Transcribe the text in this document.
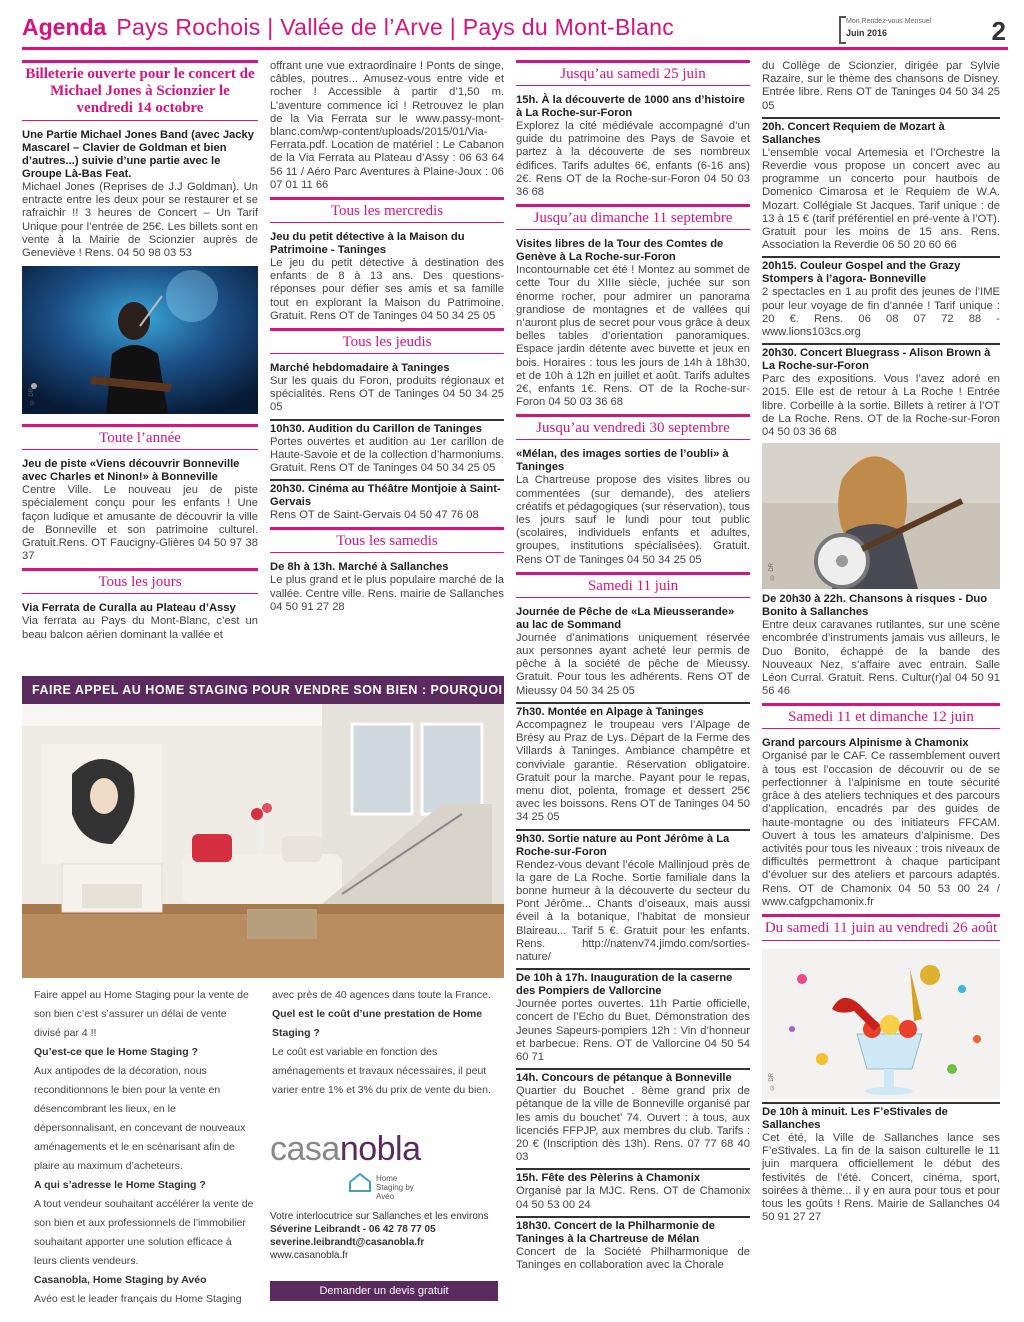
Agenda Pays Rochois | Vallée de l’Arve | Pays du Mont-Blanc	Mon Rendez-vous Mensuel
Juin 2016	2
Billeterie ouverte pour le concert de Michael Jones à Scionzier le vendredi 14 octobre
Une Partie Michael Jones Band (avec Jacky Mascarel – Clavier de Goldman et bien d’autres...) suivie d’une partie avec le Groupe Là-Bas Feat.

Michael Jones (Reprises de J.J Goldman). Un entracte entre les deux pour se restaurer et se rafraichir !! 3 heures de Concert – Un Tarif Unique pour l’entrée de 25€. Les billets sont en vente à la Mairie de Scionzier auprès de Geneviève ! Rens. 04 50 98 03 53

© DR
Toute l’année
Jeu de piste «Viens découvrir Bonneville avec Charles et Ninon!» à Bonneville

Centre Ville. Le nouveau jeu de piste spécialement conçu pour les enfants ! Une façon ludique et amusante de découvrir la ville de Bonneville et son patrimoine culturel. Gratuit.Rens. OT Faucigny-Glières 04 50 97 38 37

Tous les jours
Via Ferrata de Curalla au Plateau d’Assy

Via ferrata au Pays du Mont-Blanc, c’est un beau balcon aérien dominant la vallée et

offrant une vue extraordinaire ! Ponts de singe, câbles, poutres... Amusez-vous entre vide et rocher ! Accessible à partir d’1,50 m. L’aventure commence ici ! Retrouvez le plan de la Via Ferrata sur le www.passy-mont-blanc.com/wp-content/uploads/2015/01/Via-Ferrata.pdf. Location de matériel : Le Cabanon de la Via Ferrata au Plateau d’Assy : 06 63 64 56 11 / Aéro Parc Aventures à Plaine-Joux : 06 07 01 11 66

Tous les mercredis
Jeu du petit détective à la Maison du Patrimoine - Taninges

Le jeu du petit détective à destination des enfants de 8 à 13 ans. Des questions-réponses pour défier ses amis et sa famille tout en explorant la Maison du Patrimoine. Gratuit. Rens OT de Taninges 04 50 34 25 05

Tous les jeudis
Marché hebdomadaire à Taninges

Sur les quais du Foron, produits régionaux et spécialités. Rens OT de Taninges 04 50 34 25 05

10h30. Audition du Carillon de Taninges

Portes ouvertes et audition au 1er carillon de Haute-Savoie et de la collection d’harmoniums. Gratuit. Rens OT de Taninges 04 50 34 25 05

20h30. Cinéma au Théâtre Montjoie à Saint-Gervais

Rens OT de Saint-Gervais 04 50 47 76 08

Tous les samedis
De 8h à 13h. Marché à Sallanches

Le plus grand et le plus populaire marché de la vallée. Centre ville. Rens. mairie de Sallanches 04 50 91 27 28

Jusqu’au samedi 25 juin
15h. À la découverte de 1000 ans d’histoire à La Roche-sur-Foron

Explorez la cité médiévale accompagné d’un guide du patrimoine des Pays de Savoie et partez à la découverte de ses nombreux édifices. Tarifs adultes 6€, enfants (6-16 ans) 2€. Rens OT de la Roche-sur-Foron 04 50 03 36 68

Jusqu’au dimanche 11 septembre
Visites libres de la Tour des Comtes de Genève à La Roche-sur-Foron

Incontournable cet été ! Montez au sommet de cette Tour du XIIIe siècle, juchée sur son énorme rocher, pour admirer un panorama grandiose de montagnes et de vallées qui n’auront plus de secret pour vous grâce à deux belles tables d’orientation panoramiques. Espace jardin détente avec buvette et jeux en bois. Horaires : tous les jours de 14h à 18h30, et de 10h à 12h en juillet et août. Tarifs adultes 2€, enfants 1€. Rens. OT de la Roche-sur-Foron 04 50 03 36 68

Jusqu’au vendredi 30 septembre
«Mélan, des images sorties de l’oubli» à Taninges

La Chartreuse propose des visites libres ou commentées (sur demande), des ateliers créatifs et pédagogiques (sur réservation), tous les jours sauf le lundi pour tout public (scolaires, individuels enfants et adultes, groupes, institutions spécialisées). Gratuit. Rens OT de Taninges 04 50 34 25 05

Samedi 11 juin
Journée de Pêche de «La Mieusserande» au lac de Sommand

Journée d’animations uniquement réservée aux personnes ayant acheté leur permis de pêche à la société de pêche de Mieussy. Gratuit. Pour tous les adhérents. Rens OT de Mieussy 04 50 34 25 05

7h30. Montée en Alpage à Taninges

Accompagnez le troupeau vers l’Alpage de Brésy au Praz de Lys. Départ de la Ferme des Villards à Taninges. Ambiance champêtre et conviviale garantie. Réservation obligatoire. Gratuit pour la marche. Payant pour le repas, menu diot, polenta, fromage et dessert 25€ avec les boissons. Rens OT de Taninges 04 50 34 25 05

9h30. Sortie nature au Pont Jérôme à La Roche-sur-Foron

Rendez-vous devant l’école Mallinjoud près de la gare de La Roche. Sortie familiale dans la bonne humeur à la découverte du secteur du Pont Jérôme... Chants d’oiseaux, mais aussi éveil à la botanique, l’habitat de monsieur Blaireau... Tarif 5 €. Gratuit pour les enfants. Rens. http://natenv74.jimdo.com/sorties-nature/

De 10h à 17h. Inauguration de la caserne des Pompiers de Vallorcine

Journée portes ouvertes. 11h Partie officielle, concert de l’Echo du Buet. Démonstration des Jeunes Sapeurs-pompiers 12h : Vin d’honneur et barbecue. Rens. OT de Vallorcine 04 50 54 60 71

14h. Concours de pétanque à Bonneville

Quartier du Bouchet . 8ème grand prix de pétanque de la ville de Bonneville organisé par les amis du bouchet’ 74. Ouvert : à tous, aux licenciés FFPJP, aux membres du club. Tarifs : 20 € (Inscription dès 13h). Rens. 07 77 68 40 03

15h. Fête des Pèlerins à Chamonix

Organisé par la MJC. Rens. OT de Chamonix 04 50 53 00 24

18h30. Concert de la Philharmonie de Taninges à la Chartreuse de Mélan

Concert de la Société Philharmonique de Taninges en collaboration avec la Chorale

du Collège de Scionzier, dirigée par Sylvie Razaire, sur le thème des chansons de Disney. Entrée libre. Rens OT de Taninges 04 50 34 25 05

20h. Concert Requiem de Mozart à Sallanches

L’ensemble vocal Artemesia et l’Orchestre la Reverdie vous propose un concert avec au programme un concerto pour hautbois de Domenico Cimarosa et le Requiem de W.A. Mozart. Collégiale St Jacques. Tarif unique : de 13 à 15 € (tarif préférentiel en pré-vente à l’OT). Gratuit pour les moins de 15 ans. Rens. Association la Reverdie 06 50 20 60 66

20h15. Couleur Gospel and the Grazy Stompers à l’agora- Bonneville

2 spectacles en 1 au profit des jeunes de l’IME pour leur voyage de fin d’année ! Tarif unique : 20 €. Rens. 06 08 07 72 88 - www.lions103cs.org

20h30. Concert Bluegrass - Alison Brown à La Roche-sur-Foron

Parc des expositions. Vous l’avez adoré en 2015. Elle est de retour à La Roche ! Entrée libre. Corbeille à la sortie. Billets à retirer à l’OT de La Roche. Rens. OT de la Roche-sur-Foron 04 50 03 36 68

© DR
De 20h30 à 22h. Chansons à risques - Duo Bonito à Sallanches

Entre deux caravanes rutilantes, sur une scène encombrée d’instruments jamais vus ailleurs, le Duo Bonito, échappé de la bande des Nouveaux Nez, s’affaire avec entrain. Salle Léon Curral. Gratuit. Rens. Cultur(r)al 04 50 91 56 46

Samedi 11 et dimanche 12 juin
Grand parcours Alpinisme à Chamonix

Organisé par le CAF. Ce rassemblement ouvert à tous est l’occasion de découvrir ou de se perfectionner à l’alpinisme en toute sécurité grâce à des ateliers techniques et des parcours d’application, encadrés par des guides de haute-montagne ou des initiateurs FFCAM. Ouvert à tous les amateurs d’alpinisme. Des activités pour tous les niveaux : trois niveaux de difficultés permettront à chaque participant d’évoluer sur des ateliers et parcours adaptés. Rens. OT de Chamonix 04 50 53 00 24 / www.cafgpchamonix.fr

Du samedi 11 juin au vendredi 26 août
© DR
De 10h à minuit. Les F’eStivales de Sallanches

Cet été, la Ville de Sallanches lance ses F’eStivales. La fin de la saison culturelle le 11 juin marquera officiellement le début des festivités de l’été. Concert, cinéma, sport, soirées à thème... il y en aura pour tous et pour tous les goûts ! Rens. Mairie de Sallanches 04 50 91 27 27

FAIRE APPEL AU HOME STAGING POUR VENDRE SON BIEN : POURQUOI

Faire appel au Home Staging pour la vente de son bien c’est s’assurer un délai de vente divisé par 4 !!

Qu’est-ce que le Home Staging ?

Aux antipodes de la décoration, nous reconditionnons le bien pour la vente en désencombrant les lieux, en le dépersonnalisant, en concevant de nouveaux aménagements et le en scénarisant afin de plaire au maximum d’acheteurs.

A qui s’adresse le Home Staging ?

A tout vendeur souhaitant accélérer la vente de son bien et aux professionnels de l’immobilier souhaitant apporter une solution efficace à leurs clients vendeurs.

Casanobla, Home Staging by Avéo

Avéo est le leader français du Home Staging

avec près de 40 agences dans toute la France.

Quel est le coût d’une prestation de Home Staging ?

Le coût est variable en fonction des aménagements et travaux nécessaires, il peut varier entre 1% et 3% du prix de vente du bien.

casanobla
Home Staging by Avéo
Votre interlocutrice sur Sallanches et les environs
Séverine Leibrandt - 06 42 78 77 05
severine.leibrandt@casanobla.fr
www.casanobla.fr
Demander un devis gratuit
